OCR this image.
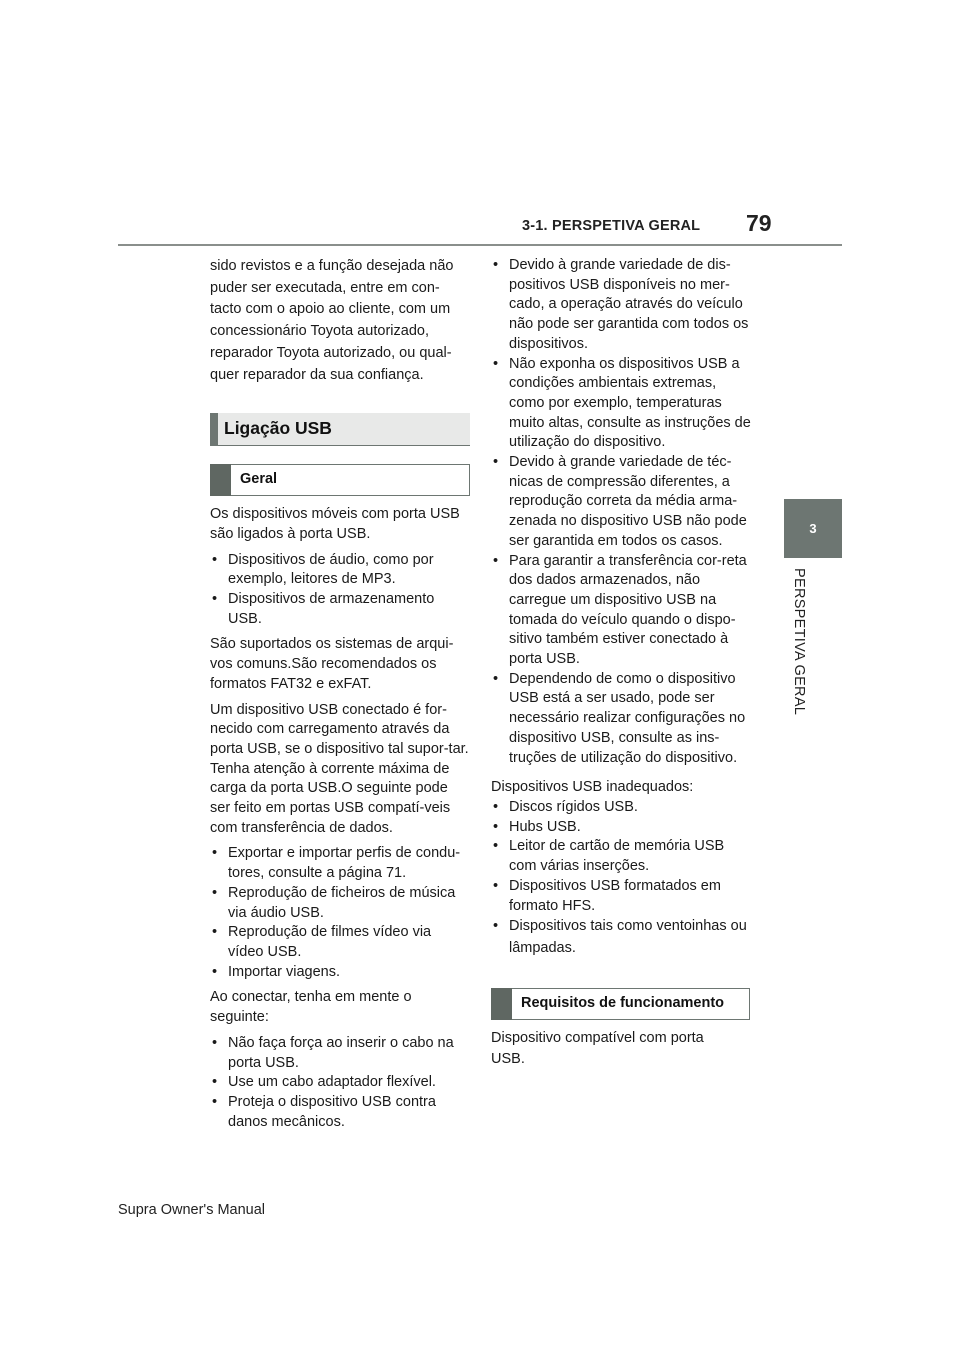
3-1. PERSPETIVA GERAL 79
3
PERSPETIVA GERAL
sido revistos e a função desejada não
puder ser executada, entre em con-
tacto com o apoio ao cliente, com um
concessionário Toyota autorizado,
reparador Toyota autorizado, ou qual-
quer reparador da sua confiança.
Ligação USB
Geral

Os dispositivos móveis com porta USB são ligados à porta USB.

• Dispositivos de áudio, como por exemplo, leitores de MP3.
• Dispositivos de armazenamento USB.

São suportados os sistemas de arqui-vos comuns.São recomendados os formatos FAT32 e exFAT.

Um dispositivo USB conectado é for-necido com carregamento através da porta USB, se o dispositivo tal supor-tar. Tenha atenção à corrente máxima de carga da porta USB.O seguinte pode ser feito em portas USB compatí-veis com transferência de dados.

• Exportar e importar perfis de condu-tores, consulte a página 71.
• Reprodução de ficheiros de música via áudio USB.
• Reprodução de filmes vídeo via vídeo USB.
• Importar viagens.

Ao conectar, tenha em mente o seguinte:

• Não faça força ao inserir o cabo na porta USB.
• Use um cabo adaptador flexível.
• Proteja o dispositivo USB contra danos mecânicos.
• Devido à grande variedade de dis-positivos USB disponíveis no mer-cado, a operação através do veículo não pode ser garantida com todos os dispositivos.
• Não exponha os dispositivos USB a condições ambientais extremas, como por exemplo, temperaturas muito altas, consulte as instruções de utilização do dispositivo.
• Devido à grande variedade de téc-nicas de compressão diferentes, a reprodução correta da média arma-zenada no dispositivo USB não pode ser garantida em todos os casos.
• Para garantir a transferência cor-reta dos dados armazenados, não carregue um dispositivo USB na tomada do veículo quando o dispo-sitivo também estiver conectado à porta USB.
• Dependendo de como o dispositivo USB está a ser usado, pode ser necessário realizar configurações no dispositivo USB, consulte as ins-truções de utilização do dispositivo.

Dispositivos USB inadequados:

• Discos rígidos USB.
• Hubs USB.
• Leitor de cartão de memória USB com várias inserções.
• Dispositivos USB formatados em formato HFS.
• Dispositivos tais como ventoinhas ou lâmpadas.
Requisitos de funcionamento

Dispositivo compatível com porta USB.

Supra Owner's Manual
